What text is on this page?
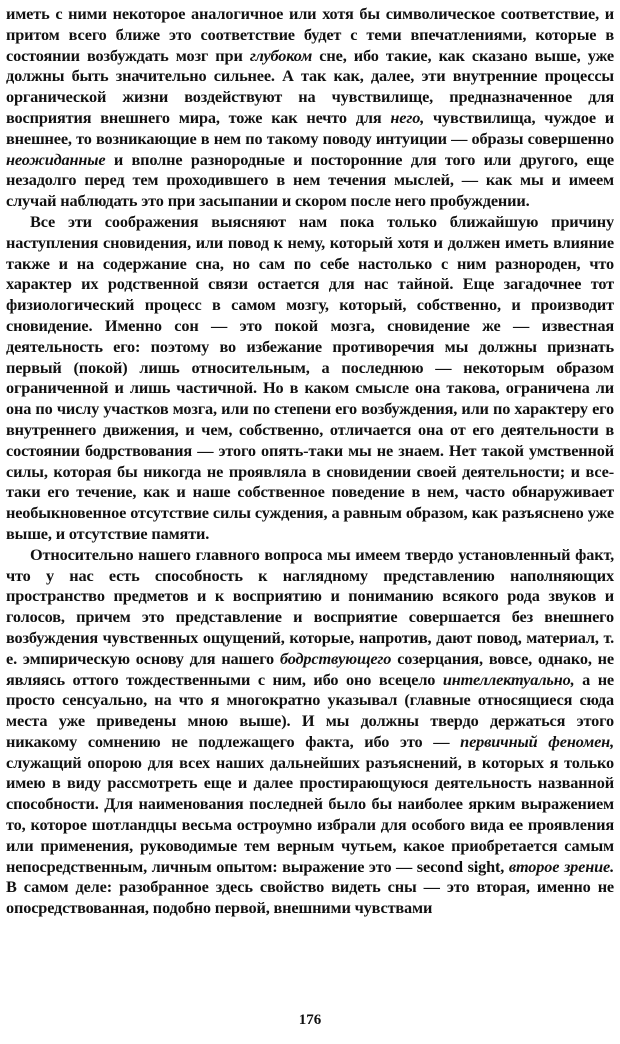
иметь с ними некоторое аналогичное или хотя бы символическое соответствие, и притом всего ближе это соответствие будет с теми впечатлениями, которые в состоянии возбуждать мозг при глубоком сне, ибо такие, как сказано выше, уже должны быть значительно сильнее. А так как, далее, эти внутренние процессы органической жизни воздействуют на чувствилище, предназначенное для восприятия внешнего мира, тоже как нечто для него, чувствилища, чуждое и внешнее, то возникающие в нем по такому поводу интуиции — образы совершенно неожиданные и вполне разнородные и посторонние для того или другого, еще незадолго перед тем проходившего в нем течения мыслей, — как мы и имеем случай наблюдать это при засыпании и скором после него пробуждении.

Все эти соображения выясняют нам пока только ближайшую причину наступления сновидения, или повод к нему, который хотя и должен иметь влияние также и на содержание сна, но сам по себе настолько с ним разнороден, что характер их родственной связи остается для нас тайной. Еще загадочнее тот физиологический процесс в самом мозгу, который, собственно, и производит сновидение. Именно сон — это покой мозга, сновидение же — известная деятельность его: поэтому во избежание противоречия мы должны признать первый (покой) лишь относительным, а последнюю — некоторым образом ограниченной и лишь частичной. Но в каком смысле она такова, ограничена ли она по числу участков мозга, или по степени его возбуждения, или по характеру его внутреннего движения, и чем, собственно, отличается она от его деятельности в состоянии бодрствования — этого опять-таки мы не знаем. Нет такой умственной силы, которая бы никогда не проявляла в сновидении своей деятельности; и все-таки его течение, как и наше собственное поведение в нем, часто обнаруживает необыкновенное отсутствие силы суждения, а равным образом, как разъяснено уже выше, и отсутствие памяти.

Относительно нашего главного вопроса мы имеем твердо установленный факт, что у нас есть способность к наглядному представлению наполняющих пространство предметов и к восприятию и пониманию всякого рода звуков и голосов, причем это представление и восприятие совершается без внешнего возбуждения чувственных ощущений, которые, напротив, дают повод, материал, т. е. эмпирическую основу для нашего бодрствующего созерцания, вовсе, однако, не являясь оттого тождественными с ним, ибо оно всецело интеллектуально, а не просто сенсуально, на что я многократно указывал (главные относящиеся сюда места уже приведены мною выше). И мы должны твердо держаться этого никакому сомнению не подлежащего факта, ибо это — первичный феномен, служащий опорою для всех наших дальнейших разъяснений, в которых я только имею в виду рассмотреть еще и далее простирающуюся деятельность названной способности. Для наименования последней было бы наиболее ярким выражением то, которое шотландцы весьма остроумно избрали для особого вида ее проявления или применения, руководимые тем верным чутьем, какое приобретается самым непосредственным, личным опытом: выражение это — second sight, второе зрение. В самом деле: разобранное здесь свойство видеть сны — это вторая, именно не опосредствованная, подобно первой, внешними чувствами

176
